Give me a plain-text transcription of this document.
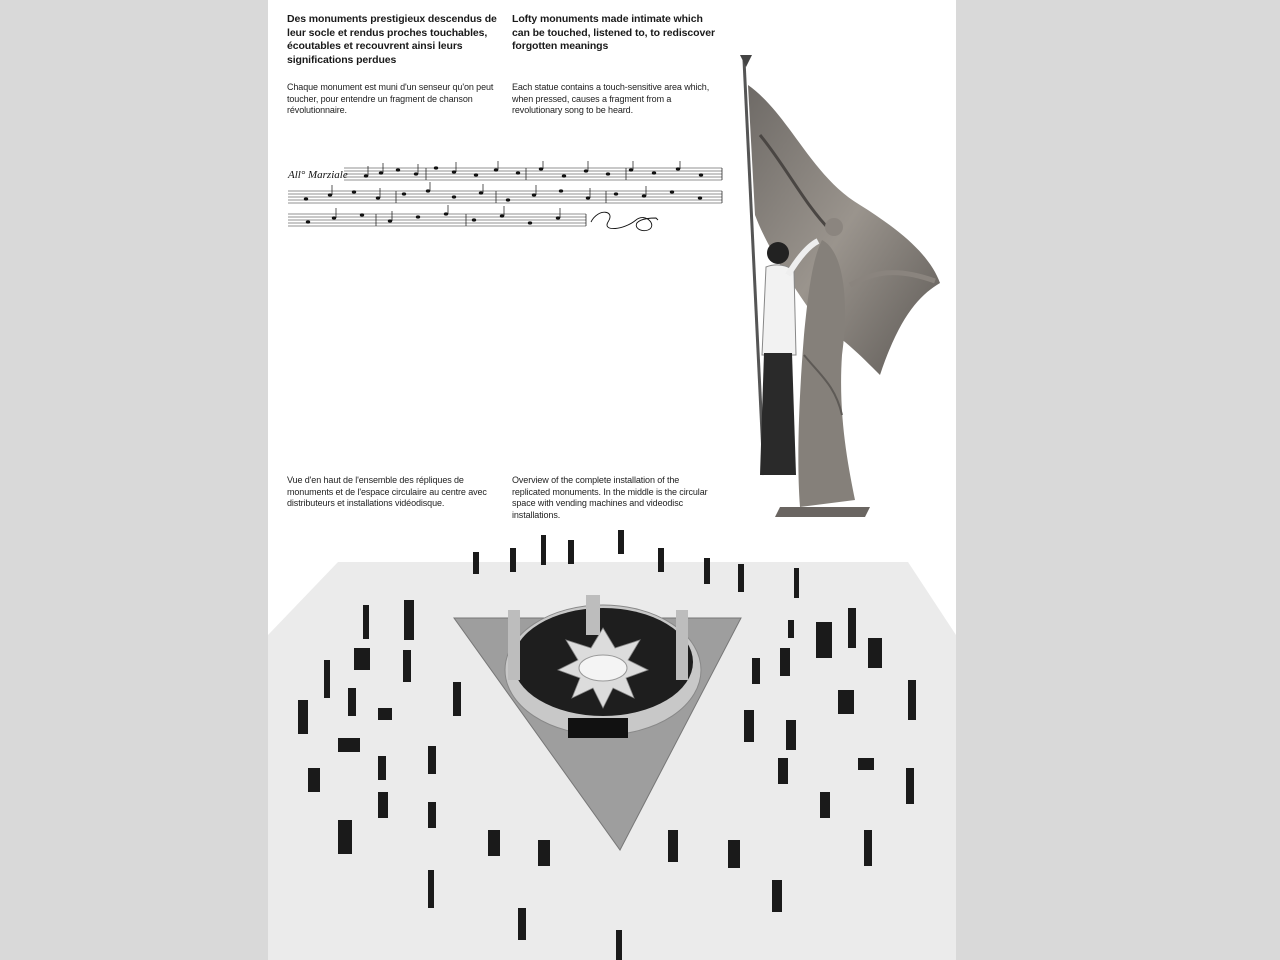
Des monuments prestigieux descendus de leur socle et rendus proches touchables, écoutables et recouvrent ainsi leurs significations perdues

Lofty monuments made intimate which can be touched, listened to, to rediscover forgotten meanings

Chaque monument est muni d'un senseur qu'on peut toucher, pour entendre un fragment de chanson révolutionnaire.

Each statue contains a touch-sensitive area which, when pressed, causes a fragment from a revolutionary song to be heard.

All° Marziale

Vue d'en haut de l'ensemble des répliques de monuments et de l'espace circulaire au centre avec distributeurs et installations vidéodisque.

Overview of the complete installation of the replicated monuments. In the middle is the circular space with vending machines and videodisc installations.
